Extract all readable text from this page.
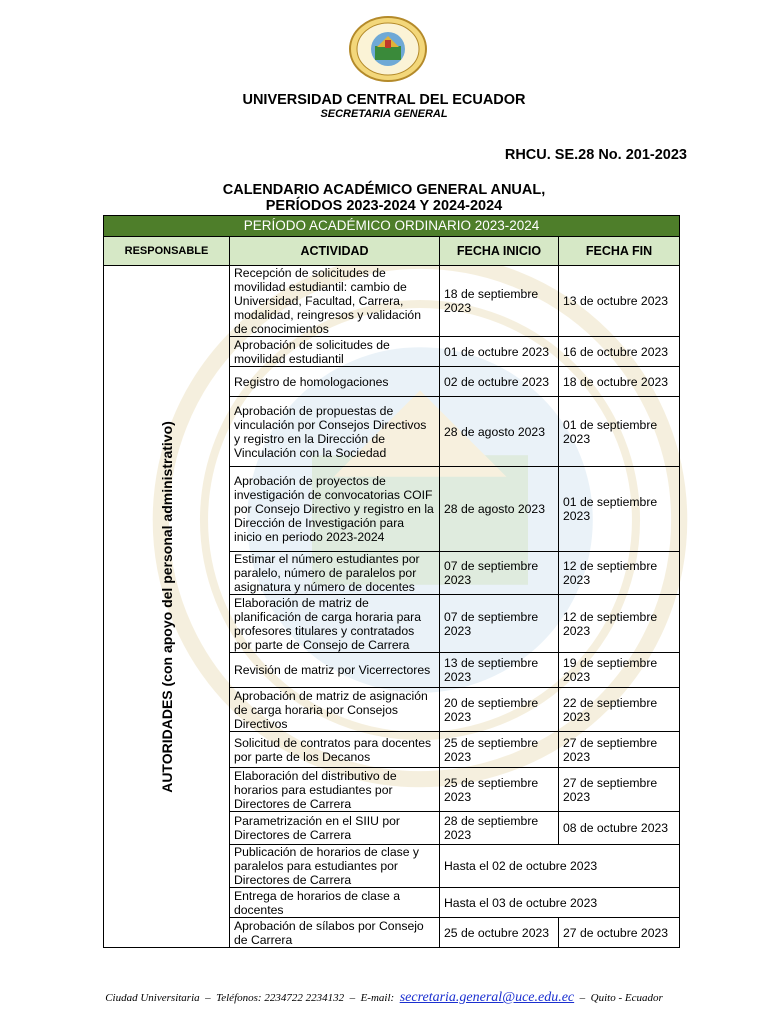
UNIVERSIDAD CENTRAL DEL ECUADOR
SECRETARIA GENERAL
RHCU. SE.28 No. 201-2023
CALENDARIO ACADÉMICO GENERAL ANUAL,
PERÍODOS 2023-2024 Y 2024-2024
PERÍODO ACADÉMICO ORDINARIO 2023-2024			
RESPONSABLE	ACTIVIDAD	FECHA INICIO	FECHA FIN

AUTORIDADES (con apoyo del personal administrativo)	Recepción de solicitudes de movilidad estudiantil: cambio de Universidad, Facultad, Carrera, modalidad, reingresos y validación de conocimientos	18 de septiembre 2023	13 de octubre 2023
	Aprobación de solicitudes de movilidad estudiantil	01 de octubre 2023	16 de octubre 2023
	Registro de homologaciones	02 de octubre 2023	18 de octubre 2023
	Aprobación de propuestas de vinculación por Consejos Directivos y registro en la Dirección de Vinculación con la Sociedad	28 de agosto 2023	01 de septiembre 2023
	Aprobación de proyectos de investigación de convocatorias COIF por Consejo Directivo y registro en la Dirección de Investigación para inicio en periodo 2023-2024	28 de agosto 2023	01 de septiembre 2023
	Estimar el número estudiantes por paralelo, número de paralelos por asignatura y número de docentes	07 de septiembre 2023	12 de septiembre 2023
	Elaboración de matriz de planificación de carga horaria para profesores titulares y contratados por parte de Consejo de Carrera	07 de septiembre 2023	12 de septiembre 2023
	Revisión de matriz por Vicerrectores	13 de septiembre 2023	19 de septiembre 2023
	Aprobación de matriz de asignación de carga horaria por Consejos Directivos	20 de septiembre 2023	22 de septiembre 2023
	Solicitud de contratos para docentes por parte de los Decanos	25 de septiembre 2023	27 de septiembre 2023
	Elaboración del distributivo de horarios para estudiantes por Directores de Carrera	25 de septiembre 2023	27 de septiembre 2023
	Parametrización en el SIIU por Directores de Carrera	28 de septiembre 2023	08 de octubre 2023
	Publicación de horarios de clase y paralelos para estudiantes por Directores de Carrera	Hasta el 02 de octubre 2023	
	Entrega de horarios de clase a docentes	Hasta el 03 de octubre 2023	
	Aprobación de sílabos por Consejo de Carrera	25 de octubre 2023	27 de octubre 2023
Ciudad Universitaria  –  Teléfonos: 2234722 2234132  –  E-mail: secretaria.general@uce.edu.ec  –  Quito - Ecuador
